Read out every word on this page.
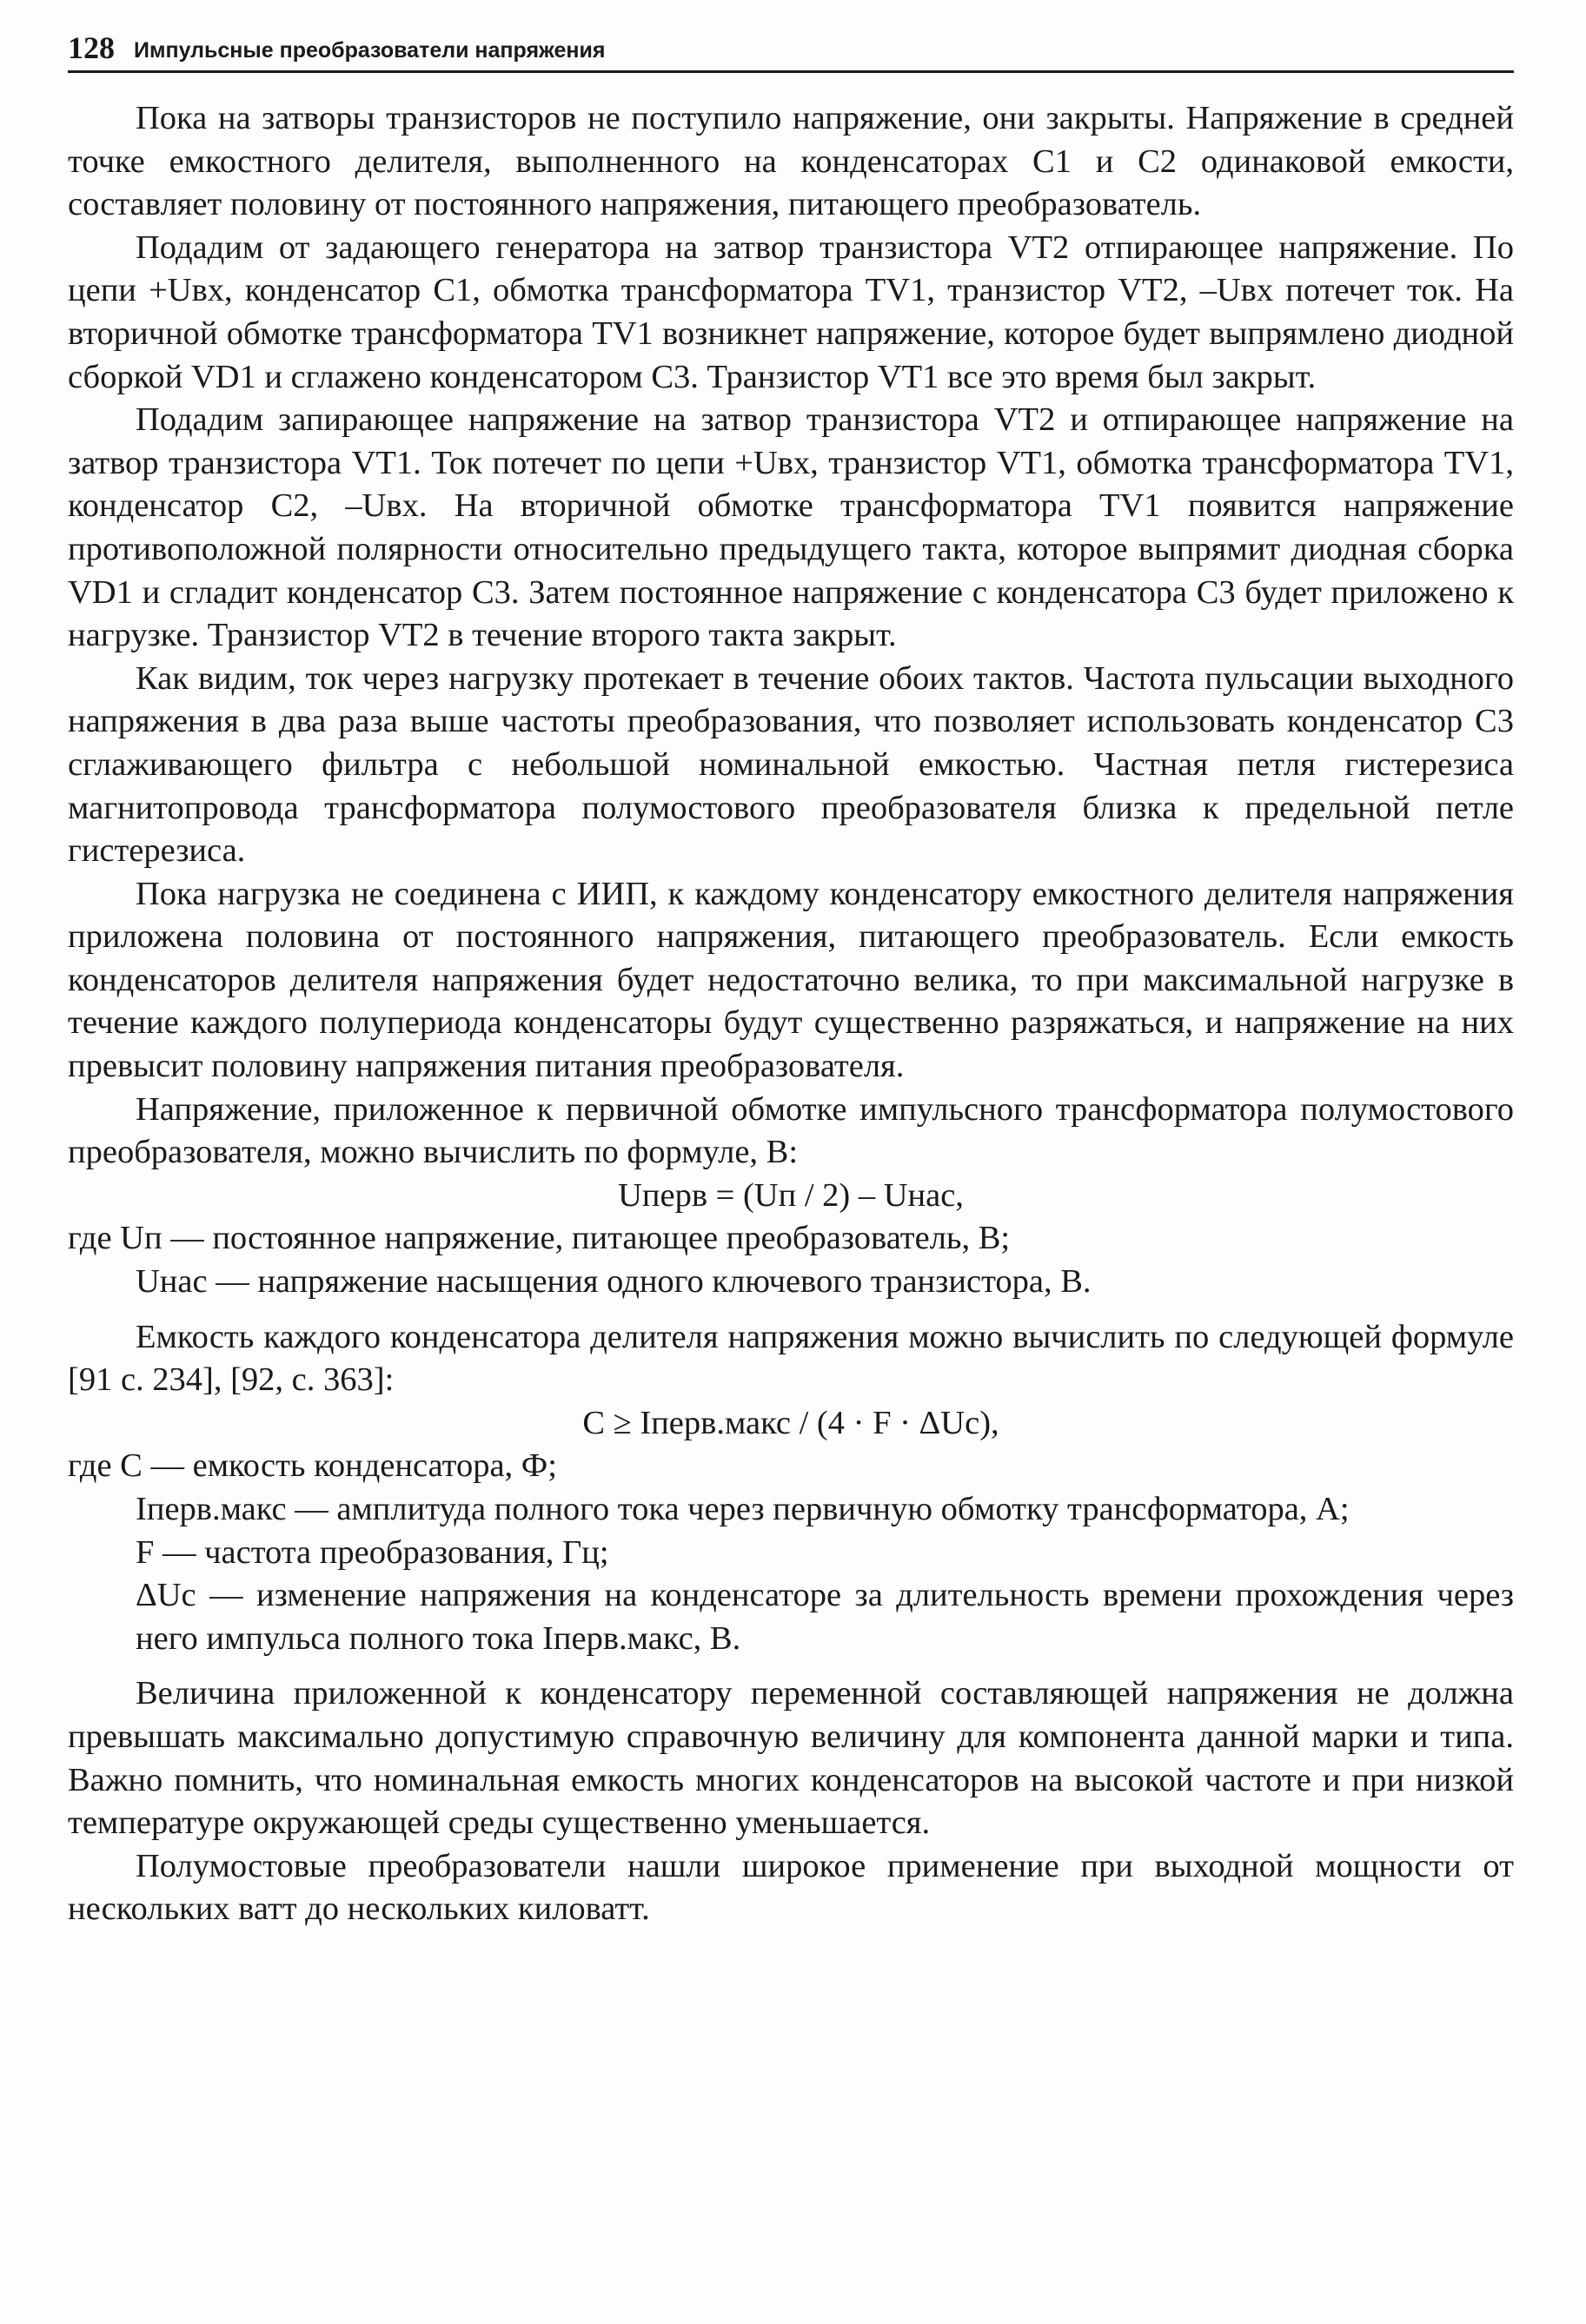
128 Импульсные преобразователи напряжения

Пока на затворы транзисторов не поступило напряжение, они закрыты. Напряжение в средней точке емкостного делителя, выполненного на конденсаторах C1 и C2 одинаковой емкости, составляет половину от постоянного напряжения, питающего преобразователь.

Подадим от задающего генератора на затвор транзистора VT2 отпирающее напряжение. По цепи +Uвх, конденсатор C1, обмотка трансформатора TV1, транзистор VT2, –Uвх потечет ток. На вторичной обмотке трансформатора TV1 возникнет напряжение, которое будет выпрямлено диодной сборкой VD1 и сглажено конденсатором C3. Транзистор VT1 все это время был закрыт.

Подадим запирающее напряжение на затвор транзистора VT2 и отпирающее напряжение на затвор транзистора VT1. Ток потечет по цепи +Uвх, транзистор VT1, обмотка трансформатора TV1, конденсатор C2, –Uвх. На вторичной обмотке трансформатора TV1 появится напряжение противоположной полярности относительно предыдущего такта, которое выпрямит диодная сборка VD1 и сгладит конденсатор C3. Затем постоянное напряжение с конденсатора C3 будет приложено к нагрузке. Транзистор VT2 в течение второго такта закрыт.

Как видим, ток через нагрузку протекает в течение обоих тактов. Частота пульсации выходного напряжения в два раза выше частоты преобразования, что позволяет использовать конденсатор C3 сглаживающего фильтра с небольшой номинальной емкостью. Частная петля гистерезиса магнитопровода трансформатора полумостового преобразователя близка к предельной петле гистерезиса.

Пока нагрузка не соединена с ИИП, к каждому конденсатору емкостного делителя напряжения приложена половина от постоянного напряжения, питающего преобразователь. Если емкость конденсаторов делителя напряжения будет недостаточно велика, то при максимальной нагрузке в течение каждого полупериода конденсаторы будут существенно разряжаться, и напряжение на них превысит половину напряжения питания преобразователя.

Напряжение, приложенное к первичной обмотке импульсного трансформатора полумостового преобразователя, можно вычислить по формуле, В:

Uперв = (Uп / 2) – Uнас,
где Uп — постоянное напряжение, питающее преобразователь, В;
Uнас — напряжение насыщения одного ключевого транзистора, В.

Емкость каждого конденсатора делителя напряжения можно вычислить по следующей формуле [91 с. 234], [92, с. 363]:

C ≥ Iперв.макс / (4 · F · ΔUc),
где C — емкость конденсатора, Ф;
Iперв.макс — амплитуда полного тока через первичную обмотку трансформатора, А;
F — частота преобразования, Гц;
ΔUc — изменение напряжения на конденсаторе за длительность времени прохождения через него импульса полного тока Iперв.макс, В.

Величина приложенной к конденсатору переменной составляющей напряжения не должна превышать максимально допустимую справочную величину для компонента данной марки и типа. Важно помнить, что номинальная емкость многих конденсаторов на высокой частоте и при низкой температуре окружающей среды существенно уменьшается.

Полумостовые преобразователи нашли широкое применение при выходной мощности от нескольких ватт до нескольких киловатт.
